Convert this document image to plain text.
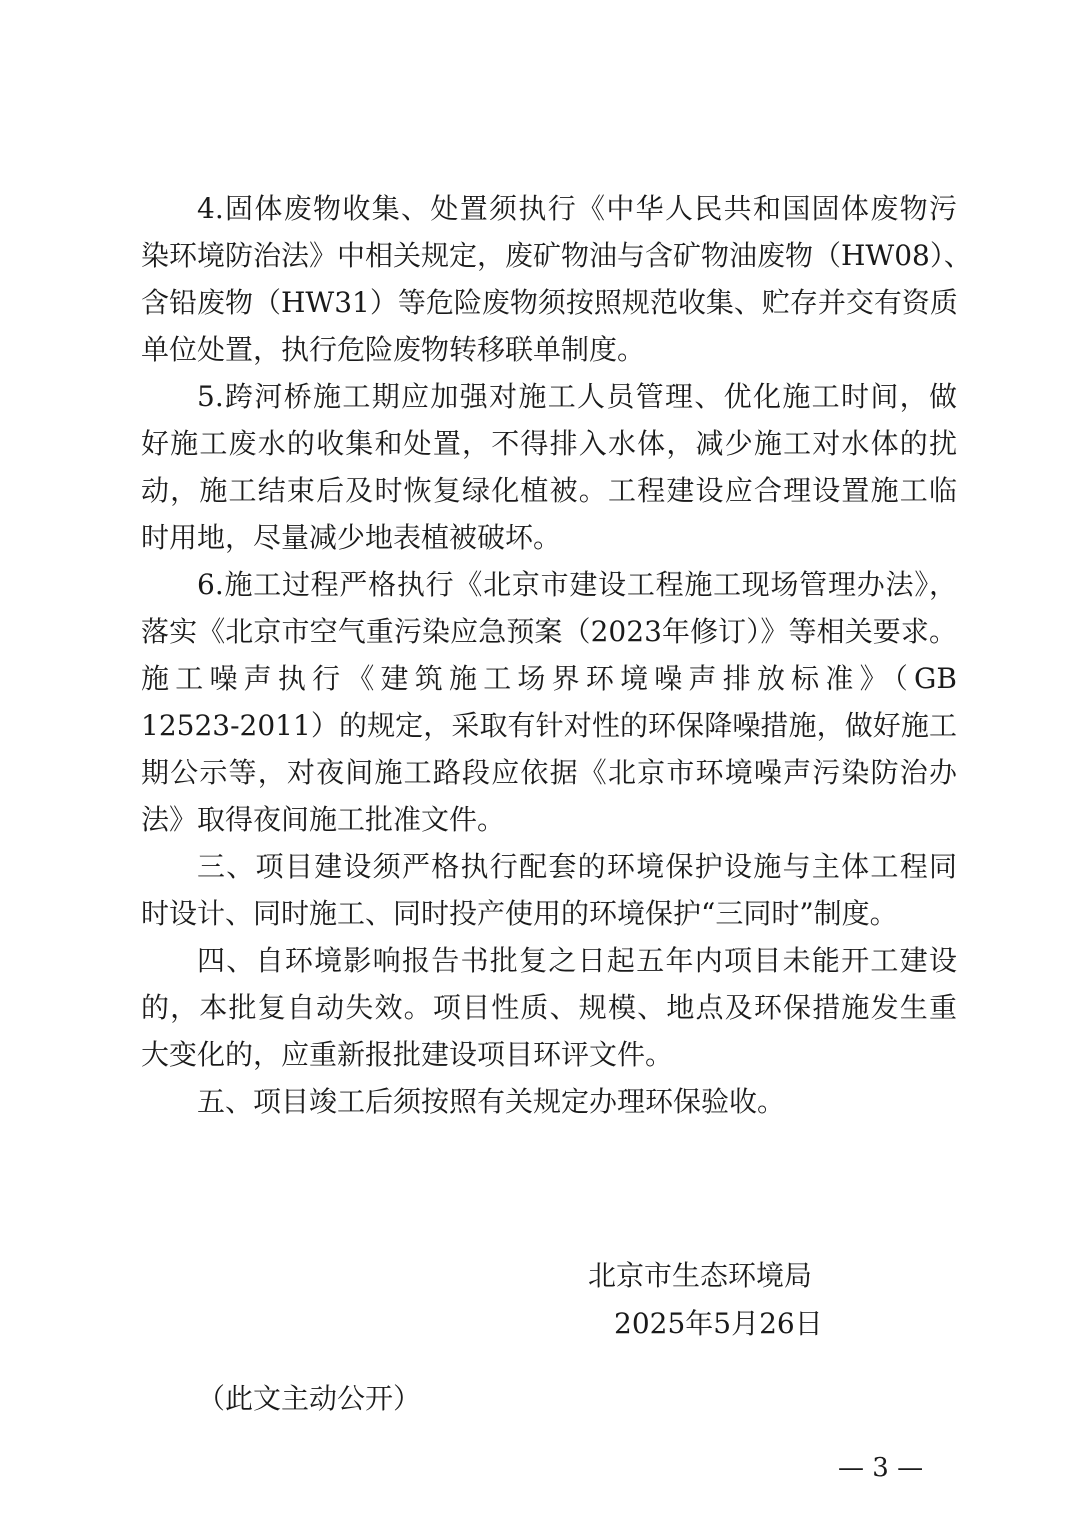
4.固体废物收集、处置须执行《中华人民共和国固体废物污
染环境防治法》中相关规定，废矿物油与含矿物油废物（HW08）、
含铅废物（HW31）等危险废物须按照规范收集、贮存并交有资质
单位处置，执行危险废物转移联单制度。
5.跨河桥施工期应加强对施工人员管理、优化施工时间，做
好施工废水的收集和处置，不得排入水体，减少施工对水体的扰
动，施工结束后及时恢复绿化植被。工程建设应合理设置施工临
时用地，尽量减少地表植被破坏。
6.施工过程严格执行《北京市建设工程施工现场管理办法》，
落实《北京市空气重污染应急预案（2023年修订）》等相关要求。
施工噪声执行《建筑施工场界环境噪声排放标准》（GB
12523-2011）的规定，采取有针对性的环保降噪措施，做好施工
期公示等，对夜间施工路段应依据《北京市环境噪声污染防治办
法》取得夜间施工批准文件。
三、项目建设须严格执行配套的环境保护设施与主体工程同
时设计、同时施工、同时投产使用的环境保护“三同时”制度。
四、自环境影响报告书批复之日起五年内项目未能开工建设
的，本批复自动失效。项目性质、规模、地点及环保措施发生重
大变化的，应重新报批建设项目环评文件。
五、项目竣工后须按照有关规定办理环保验收。
北京市生态环境局
2025年5月26日
（此文主动公开）
— 3 —
